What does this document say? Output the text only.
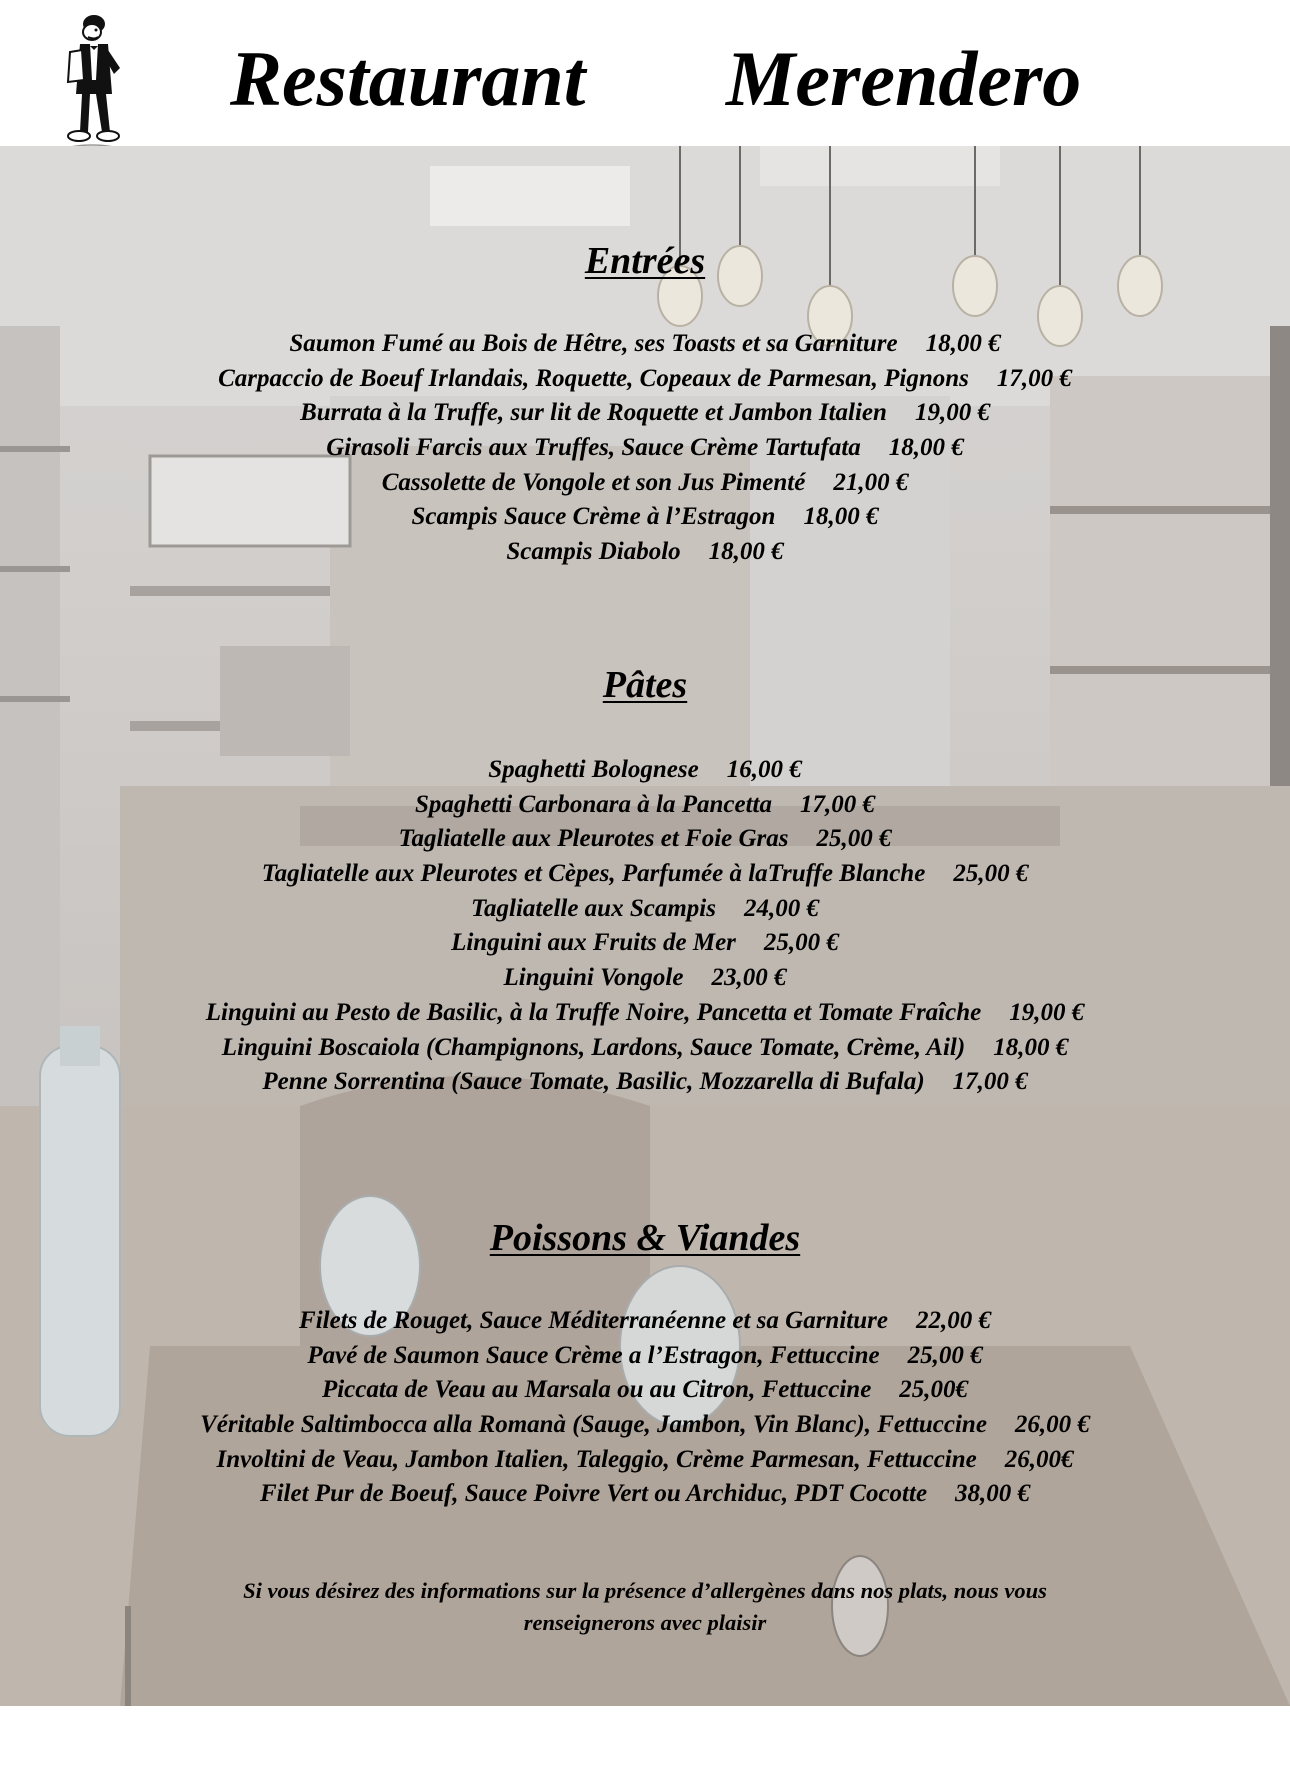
Restaurant Merendero
Entrées
Saumon Fumé au Bois de Hêtre, ses Toasts et sa Garniture 18,00 €
Carpaccio de Boeuf Irlandais, Roquette, Copeaux de Parmesan, Pignons 17,00 €
Burrata à la Truffe, sur lit de Roquette et Jambon Italien 19,00 €
Girasoli Farcis aux Truffes, Sauce Crème Tartufata 18,00 €
Cassolette de Vongole et son Jus Pimenté 21,00 €
Scampis Sauce Crème à l’Estragon 18,00 €
Scampis Diabolo 18,00 €
Pâtes
Spaghetti Bolognese 16,00 €
Spaghetti Carbonara à la Pancetta 17,00 €
Tagliatelle aux Pleurotes et Foie Gras 25,00 €
Tagliatelle aux Pleurotes et Cèpes, Parfumée à laTruffe Blanche 25,00 €
Tagliatelle aux Scampis 24,00 €
Linguini aux Fruits de Mer 25,00 €
Linguini Vongole 23,00 €
Linguini au Pesto de Basilic, à la Truffe Noire, Pancetta et Tomate Fraîche 19,00 €
Linguini Boscaiola (Champignons, Lardons, Sauce Tomate, Crème, Ail) 18,00 €
Penne Sorrentina (Sauce Tomate, Basilic, Mozzarella di Bufala) 17,00 €
Poissons & Viandes
Filets de Rouget, Sauce Méditerranéenne et sa Garniture 22,00 €
Pavé de Saumon Sauce Crème a l’Estragon, Fettuccine 25,00 €
Piccata de Veau au Marsala ou au Citron, Fettuccine 25,00€
Véritable Saltimbocca alla Romanà (Sauge, Jambon, Vin Blanc), Fettuccine 26,00 €
Involtini de Veau, Jambon Italien, Taleggio, Crème Parmesan, Fettuccine 26,00€
Filet Pur de Boeuf, Sauce Poivre Vert ou Archiduc, PDT Cocotte 38,00 €
Si vous désirez des informations sur la présence d’allergènes dans nos plats, nous vous
renseignerons avec plaisir
